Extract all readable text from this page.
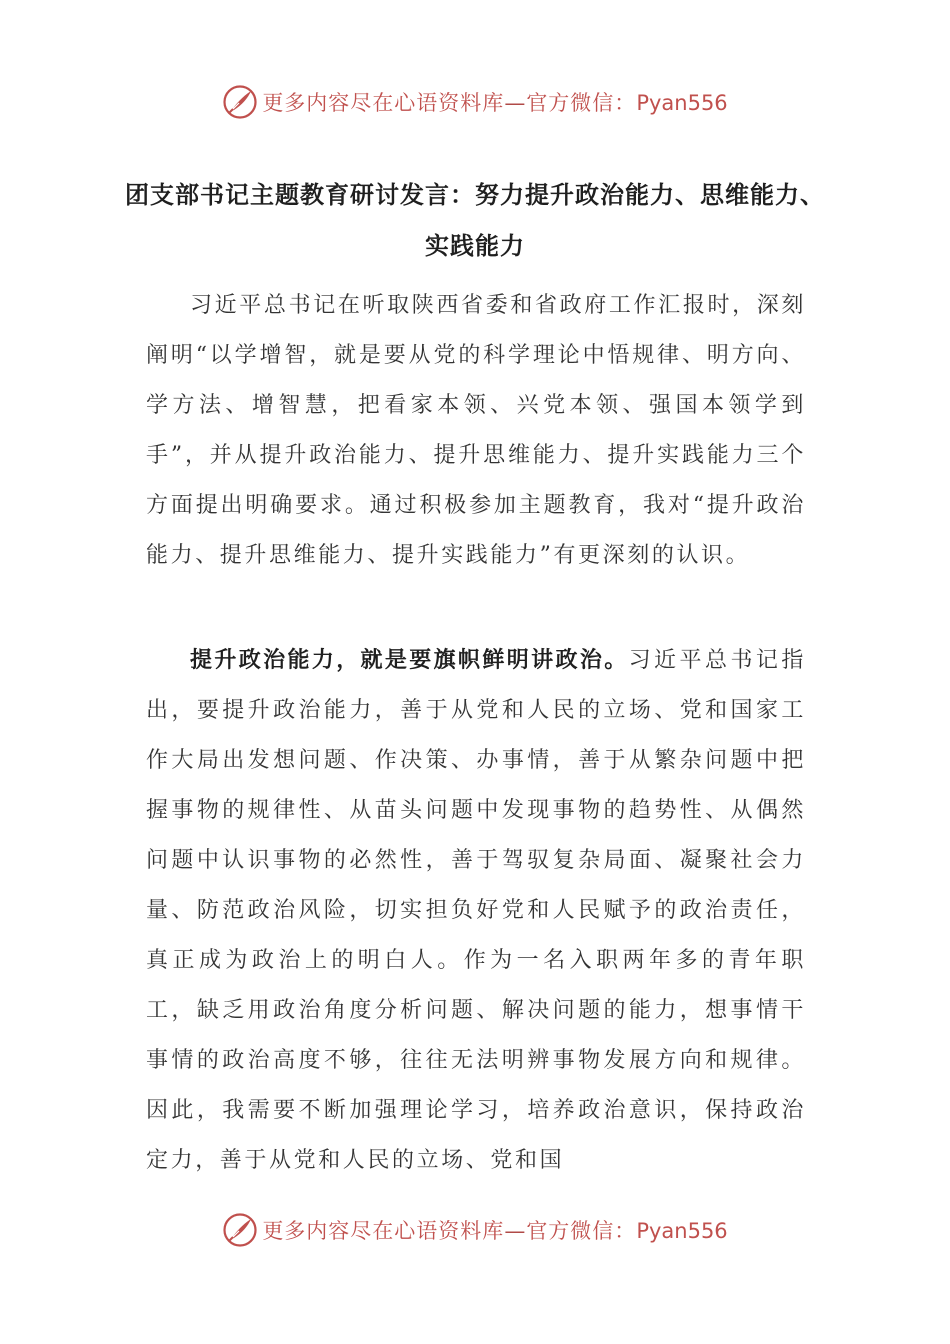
更多内容尽在心语资料库—官方微信：Pyan556
团支部书记主题教育研讨发言：努力提升政治能力、思维能力、实践能力

习近平总书记在听取陕西省委和省政府工作汇报时，深刻阐明“以学增智，就是要从党的科学理论中悟规律、明方向、学方法、增智慧，把看家本领、兴党本领、强国本领学到手”，并从提升政治能力、提升思维能力、提升实践能力三个方面提出明确要求。通过积极参加主题教育，我对“提升政治能力、提升思维能力、提升实践能力”有更深刻的认识。

提升政治能力，就是要旗帜鲜明讲政治。习近平总书记指出，要提升政治能力，善于从党和人民的立场、党和国家工作大局出发想问题、作决策、办事情，善于从繁杂问题中把握事物的规律性、从苗头问题中发现事物的趋势性、从偶然问题中认识事物的必然性，善于驾驭复杂局面、凝聚社会力量、防范政治风险，切实担负好党和人民赋予的政治责任，真正成为政治上的明白人。作为一名入职两年多的青年职工，缺乏用政治角度分析问题、解决问题的能力，想事情干事情的政治高度不够，往往无法明辨事物发展方向和规律。因此，我需要不断加强理论学习，培养政治意识，保持政治定力，善于从党和人民的立场、党和国

更多内容尽在心语资料库—官方微信：Pyan556
